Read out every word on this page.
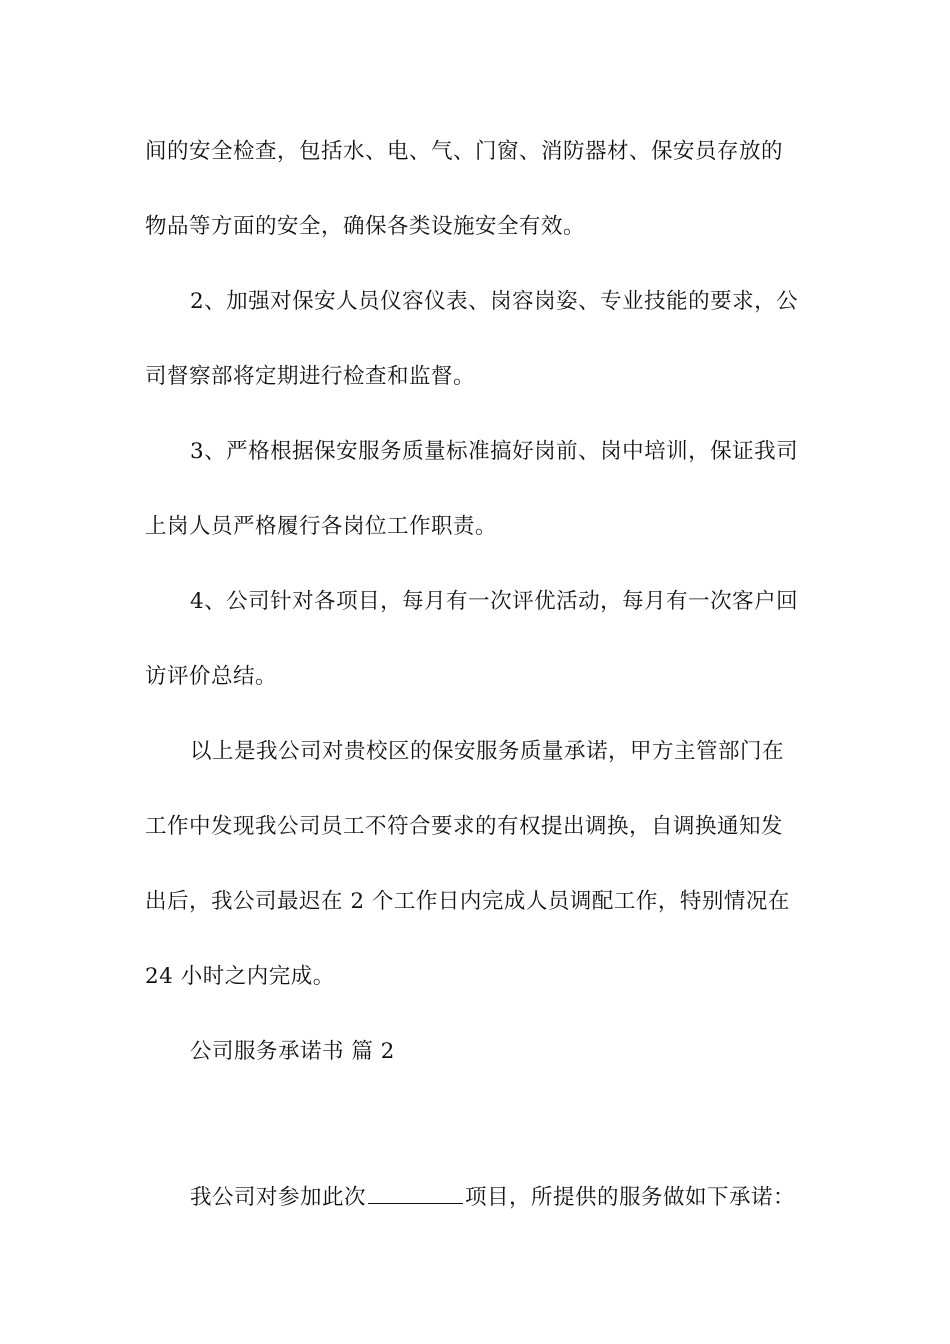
间的安全检查，包括水、电、气、门窗、消防器材、保安员存放的
物品等方面的安全，确保各类设施安全有效。
2、加强对保安人员仪容仪表、岗容岗姿、专业技能的要求，公
司督察部将定期进行检查和监督。
3、严格根据保安服务质量标准搞好岗前、岗中培训，保证我司
上岗人员严格履行各岗位工作职责。
4、公司针对各项目，每月有一次评优活动，每月有一次客户回
访评价总结。
以上是我公司对贵校区的保安服务质量承诺，甲方主管部门在
工作中发现我公司员工不符合要求的有权提出调换，自调换通知发
出后，我公司最迟在 2 个工作日内完成人员调配工作，特别情况在
24 小时之内完成。
公司服务承诺书 篇 2
我公司对参加此次	项目，所提供的服务做如下承诺：
